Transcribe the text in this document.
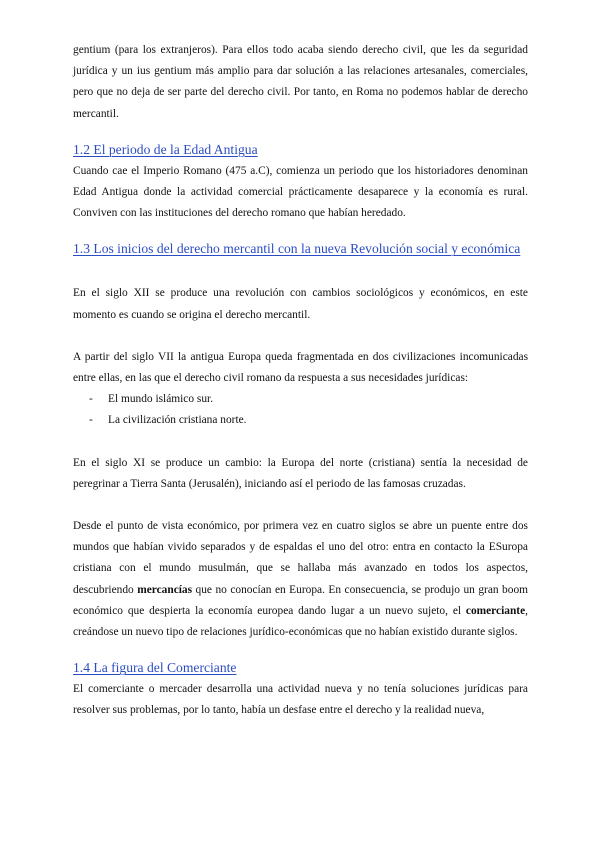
gentium (para los extranjeros). Para ellos todo acaba siendo derecho civil, que les da seguridad jurídica y un ius gentium más amplio para dar solución a las relaciones artesanales, comerciales, pero que no deja de ser parte del derecho civil. Por tanto, en Roma no podemos hablar de derecho mercantil.

1.2 El periodo de la Edad Antigua

Cuando cae el Imperio Romano (475 a.C), comienza un periodo que los historiadores denominan Edad Antigua donde la actividad comercial prácticamente desaparece y la economía es rural. Conviven con las instituciones del derecho romano que habían heredado.

1.3 Los inicios del derecho mercantil con la nueva Revolución social y económica

En el siglo XII se produce una revolución con cambios sociológicos y económicos, en este momento es cuando se origina el derecho mercantil.

A partir del siglo VII la antigua Europa queda fragmentada en dos civilizaciones incomunicadas entre ellas, en las que el derecho civil romano da respuesta a sus necesidades jurídicas:

- El mundo islámico sur.
- La civilización cristiana norte.

En el siglo XI se produce un cambio: la Europa del norte (cristiana) sentía la necesidad de peregrinar a Tierra Santa (Jerusalén), iniciando así el periodo de las famosas cruzadas.

Desde el punto de vista económico, por primera vez en cuatro siglos se abre un puente entre dos mundos que habían vivido separados y de espaldas el uno del otro: entra en contacto la ESuropa cristiana con el mundo musulmán, que se hallaba más avanzado en todos los aspectos, descubriendo mercancías que no conocían en Europa. En consecuencia, se produjo un gran boom económico que despierta la economía europea dando lugar a un nuevo sujeto, el comerciante, creándose un nuevo tipo de relaciones jurídico-económicas que no habían existido durante siglos.

1.4 La figura del Comerciante

El comerciante o mercader desarrolla una actividad nueva y no tenía soluciones jurídicas para resolver sus problemas, por lo tanto, había un desfase entre el derecho y la realidad nueva,
